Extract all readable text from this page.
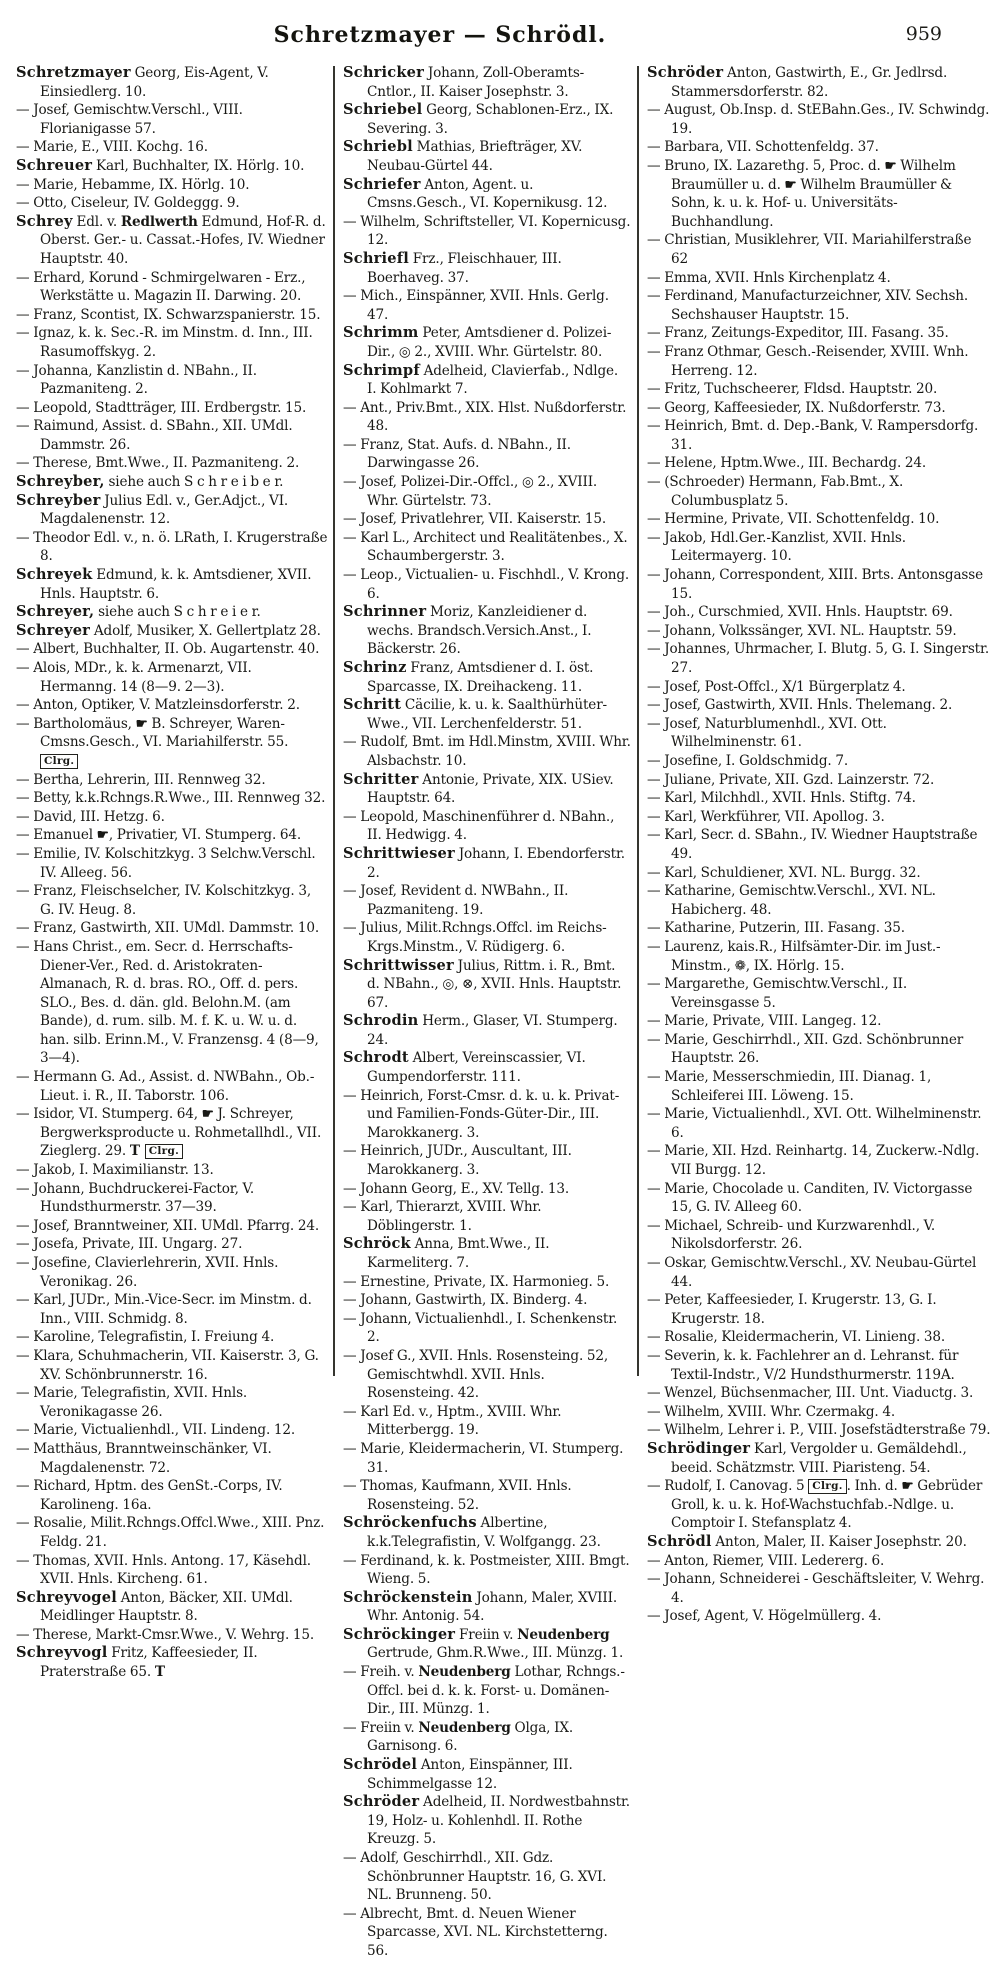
Schretzmayer — Schrödl.	959

Schretzmayer Georg, Eis-Agent, V. Einsiedlerg. 10.

— Josef, Gemischtw.Verschl., VIII. Florianigasse 57.

— Marie, E., VIII. Kochg. 16.

Schreuer Karl, Buchhalter, IX. Hörlg. 10.

— Marie, Hebamme, IX. Hörlg. 10.

— Otto, Ciseleur, IV. Goldeggg. 9.

Schrey Edl. v. Redlwerth Edmund, Hof-R. d. Oberst. Ger.- u. Cassat.-Hofes, IV. Wiedner Hauptstr. 40.

— Erhard, Korund - Schmirgelwaren - Erz., Werkstätte u. Magazin II. Darwing. 20.

— Franz, Scontist, IX. Schwarzspanierstr. 15.

— Ignaz, k. k. Sec.-R. im Minstm. d. Inn., III. Rasumoffskyg. 2.

— Johanna, Kanzlistin d. NBahn., II. Pazmaniteng. 2.

— Leopold, Stadtträger, III. Erdbergstr. 15.

— Raimund, Assist. d. SBahn., XII. UMdl. Dammstr. 26.

— Therese, Bmt.Wwe., II. Pazmaniteng. 2.

Schreyber, siehe auch S c h r e i b e r.

Schreyber Julius Edl. v., Ger.Adjct., VI. Magdalenenstr. 12.

— Theodor Edl. v., n. ö. LRath, I. Krugerstraße 8.

Schreyek Edmund, k. k. Amtsdiener, XVII. Hnls. Hauptstr. 6.

Schreyer, siehe auch S c h r e i e r.

Schreyer Adolf, Musiker, X. Gellertplatz 28.

— Albert, Buchhalter, II. Ob. Augartenstr. 40.

— Alois, MDr., k. k. Armenarzt, VII. Hermanng. 14 (8—9. 2—3).

— Anton, Optiker, V. Matzleinsdorferstr. 2.

— Bartholomäus, ☛ B. Schreyer, Waren-Cmsns.Gesch., VI. Mariahilferstr. 55. Clrg.

— Bertha, Lehrerin, III. Rennweg 32.

— Betty, k.k.Rchngs.R.Wwe., III. Rennweg 32.

— David, III. Hetzg. 6.

— Emanuel ☛, Privatier, VI. Stumperg. 64.

— Emilie, IV. Kolschitzkyg. 3 Selchw.Verschl. IV. Alleeg. 56.

— Franz, Fleischselcher, IV. Kolschitzkyg. 3, G. IV. Heug. 8.

— Franz, Gastwirth, XII. UMdl. Dammstr. 10.

— Hans Christ., em. Secr. d. Herrschafts-Diener-Ver., Red. d. Aristokraten-Almanach, R. d. bras. RO., Off. d. pers. SLO., Bes. d. dän. gld. Belohn.M. (am Bande), d. rum. silb. M. f. K. u. W. u. d. han. silb. Erinn.M., V. Franzensg. 4 (8—9, 3—4).

— Hermann G. Ad., Assist. d. NWBahn., Ob.-Lieut. i. R., II. Taborstr. 106.

— Isidor, VI. Stumperg. 64, ☛ J. Schreyer, Bergwerksproducte u. Rohmetallhdl., VII. Zieglerg. 29. T Clrg.

— Jakob, I. Maximilianstr. 13.

— Johann, Buchdruckerei-Factor, V. Hundsthurmerstr. 37—39.

— Josef, Branntweiner, XII. UMdl. Pfarrg. 24.

— Josefa, Private, III. Ungarg. 27.

— Josefine, Clavierlehrerin, XVII. Hnls. Veronikag. 26.

— Karl, JUDr., Min.-Vice-Secr. im Minstm. d. Inn., VIII. Schmidg. 8.

— Karoline, Telegrafistin, I. Freiung 4.

— Klara, Schuhmacherin, VII. Kaiserstr. 3, G. XV. Schönbrunnerstr. 16.

— Marie, Telegrafistin, XVII. Hnls. Veronikagasse 26.

— Marie, Victualienhdl., VII. Lindeng. 12.

— Matthäus, Branntweinschänker, VI. Magdalenenstr. 72.

— Richard, Hptm. des GenSt.-Corps, IV. Karolineng. 16a.

— Rosalie, Milit.Rchngs.Offcl.Wwe., XIII. Pnz. Feldg. 21.

— Thomas, XVII. Hnls. Antong. 17, Käsehdl. XVII. Hnls. Kircheng. 61.

Schreyvogel Anton, Bäcker, XII. UMdl. Meidlinger Hauptstr. 8.

— Therese, Markt-Cmsr.Wwe., V. Wehrg. 15.

Schreyvogl Fritz, Kaffeesieder, II. Praterstraße 65. T

Schricker Johann, Zoll-Oberamts-Cntlor., II. Kaiser Josephstr. 3.

Schriebel Georg, Schablonen-Erz., IX. Severing. 3.

Schriebl Mathias, Briefträger, XV. Neubau-Gürtel 44.

Schriefer Anton, Agent. u. Cmsns.Gesch., VI. Kopernikusg. 12.

— Wilhelm, Schriftsteller, VI. Kopernicusg. 12.

Schriefl Frz., Fleischhauer, III. Boerhaveg. 37.

— Mich., Einspänner, XVII. Hnls. Gerlg. 47.

Schrimm Peter, Amtsdiener d. Polizei-Dir., ◎ 2., XVIII. Whr. Gürtelstr. 80.

Schrimpf Adelheid, Clavierfab., Ndlge. I. Kohlmarkt 7.

— Ant., Priv.Bmt., XIX. Hlst. Nußdorferstr. 48.

— Franz, Stat. Aufs. d. NBahn., II. Darwingasse 26.

— Josef, Polizei-Dir.-Offcl., ◎ 2., XVIII. Whr. Gürtelstr. 73.

— Josef, Privatlehrer, VII. Kaiserstr. 15.

— Karl L., Architect und Realitätenbes., X. Schaumbergerstr. 3.

— Leop., Victualien- u. Fischhdl., V. Krong. 6.

Schrinner Moriz, Kanzleidiener d. wechs. Brandsch.Versich.Anst., I. Bäckerstr. 26.

Schrinz Franz, Amtsdiener d. I. öst. Sparcasse, IX. Dreihackeng. 11.

Schritt Cäcilie, k. u. k. Saalthürhüter-Wwe., VII. Lerchenfelderstr. 51.

— Rudolf, Bmt. im Hdl.Minstm, XVIII. Whr. Alsbachstr. 10.

Schritter Antonie, Private, XIX. USiev. Hauptstr. 64.

— Leopold, Maschinenführer d. NBahn., II. Hedwigg. 4.

Schrittwieser Johann, I. Ebendorferstr. 2.

— Josef, Revident d. NWBahn., II. Pazmaniteng. 19.

— Julius, Milit.Rchngs.Offcl. im Reichs-Krgs.Minstm., V. Rüdigerg. 6.

Schrittwisser Julius, Rittm. i. R., Bmt. d. NBahn., ◎, ⊗, XVII. Hnls. Hauptstr. 67.

Schrodin Herm., Glaser, VI. Stumperg. 24.

Schrodt Albert, Vereinscassier, VI. Gumpendorferstr. 111.

— Heinrich, Forst-Cmsr. d. k. u. k. Privat- und Familien-Fonds-Güter-Dir., III. Marokkanerg. 3.

— Heinrich, JUDr., Auscultant, III. Marokkanerg. 3.

— Johann Georg, E., XV. Tellg. 13.

— Karl, Thierarzt, XVIII. Whr. Döblingerstr. 1.

Schröck Anna, Bmt.Wwe., II. Karmeliterg. 7.

— Ernestine, Private, IX. Harmonieg. 5.

— Johann, Gastwirth, IX. Binderg. 4.

— Johann, Victualienhdl., I. Schenkenstr. 2.

— Josef G., XVII. Hnls. Rosensteing. 52, Gemischtwhdl. XVII. Hnls. Rosensteing. 42.

— Karl Ed. v., Hptm., XVIII. Whr. Mitterbergg. 19.

— Marie, Kleidermacherin, VI. Stumperg. 31.

— Thomas, Kaufmann, XVII. Hnls. Rosensteing. 52.

Schröckenfuchs Albertine, k.k.Telegrafistin, V. Wolfgangg. 23.

— Ferdinand, k. k. Postmeister, XIII. Bmgt. Wieng. 5.

Schröckenstein Johann, Maler, XVIII. Whr. Antonig. 54.

Schröckinger Freiin v. Neudenberg Gertrude, Ghm.R.Wwe., III. Münzg. 1.

— Freih. v. Neudenberg Lothar, Rchngs.-Offcl. bei d. k. k. Forst- u. Domänen-Dir., III. Münzg. 1.

— Freiin v. Neudenberg Olga, IX. Garnisong. 6.

Schrödel Anton, Einspänner, III. Schimmelgasse 12.

Schröder Adelheid, II. Nordwestbahnstr. 19, Holz- u. Kohlenhdl. II. Rothe Kreuzg. 5.

— Adolf, Geschirrhdl., XII. Gdz. Schönbrunner Hauptstr. 16, G. XVI. NL. Brunneng. 50.

— Albrecht, Bmt. d. Neuen Wiener Sparcasse, XVI. NL. Kirchstetterng. 56.

Schröder Anton, Gastwirth, E., Gr. Jedlrsd. Stammersdorferstr. 82.

— August, Ob.Insp. d. StEBahn.Ges., IV. Schwindg. 19.

— Barbara, VII. Schottenfeldg. 37.

— Bruno, IX. Lazarethg. 5, Proc. d. ☛ Wilhelm Braumüller u. d. ☛ Wilhelm Braumüller & Sohn, k. u. k. Hof- u. Universitäts-Buchhandlung.

— Christian, Musiklehrer, VII. Mariahilferstraße 62

— Emma, XVII. Hnls Kirchenplatz 4.

— Ferdinand, Manufacturzeichner, XIV. Sechsh. Sechshauser Hauptstr. 15.

— Franz, Zeitungs-Expeditor, III. Fasang. 35.

— Franz Othmar, Gesch.-Reisender, XVIII. Wnh. Herreng. 12.

— Fritz, Tuchscheerer, Fldsd. Hauptstr. 20.

— Georg, Kaffeesieder, IX. Nußdorferstr. 73.

— Heinrich, Bmt. d. Dep.-Bank, V. Rampersdorfg. 31.

— Helene, Hptm.Wwe., III. Bechardg. 24.

— (Schroeder) Hermann, Fab.Bmt., X. Columbusplatz 5.

— Hermine, Private, VII. Schottenfeldg. 10.

— Jakob, Hdl.Ger.-Kanzlist, XVII. Hnls. Leitermayerg. 10.

— Johann, Correspondent, XIII. Brts. Antonsgasse 15.

— Joh., Curschmied, XVII. Hnls. Hauptstr. 69.

— Johann, Volkssänger, XVI. NL. Hauptstr. 59.

— Johannes, Uhrmacher, I. Blutg. 5, G. I. Singerstr. 27.

— Josef, Post-Offcl., X/1 Bürgerplatz 4.

— Josef, Gastwirth, XVII. Hnls. Thelemang. 2.

— Josef, Naturblumenhdl., XVI. Ott. Wilhelminenstr. 61.

— Josefine, I. Goldschmidg. 7.

— Juliane, Private, XII. Gzd. Lainzerstr. 72.

— Karl, Milchhdl., XVII. Hnls. Stiftg. 74.

— Karl, Werkführer, VII. Apollog. 3.

— Karl, Secr. d. SBahn., IV. Wiedner Hauptstraße 49.

— Karl, Schuldiener, XVI. NL. Burgg. 32.

— Katharine, Gemischtw.Verschl., XVI. NL. Habicherg. 48.

— Katharine, Putzerin, III. Fasang. 35.

— Laurenz, kais.R., Hilfsämter-Dir. im Just.-Minstm., ❁, IX. Hörlg. 15.

— Margarethe, Gemischtw.Verschl., II. Vereinsgasse 5.

— Marie, Private, VIII. Langeg. 12.

— Marie, Geschirrhdl., XII. Gzd. Schönbrunner Hauptstr. 26.

— Marie, Messerschmiedin, III. Dianag. 1, Schleiferei III. Löweng. 15.

— Marie, Victualienhdl., XVI. Ott. Wilhelminenstr. 6.

— Marie, XII. Hzd. Reinhartg. 14, Zuckerw.-Ndlg. VII Burgg. 12.

— Marie, Chocolade u. Canditen, IV. Victorgasse 15, G. IV. Alleeg 60.

— Michael, Schreib- und Kurzwarenhdl., V. Nikolsdorferstr. 26.

— Oskar, Gemischtw.Verschl., XV. Neubau-Gürtel 44.

— Peter, Kaffeesieder, I. Krugerstr. 13, G. I. Krugerstr. 18.

— Rosalie, Kleidermacherin, VI. Linieng. 38.

— Severin, k. k. Fachlehrer an d. Lehranst. für Textil-Indstr., V/2 Hundsthurmerstr. 119A.

— Wenzel, Büchsenmacher, III. Unt. Viaductg. 3.

— Wilhelm, XVIII. Whr. Czermakg. 4.

— Wilhelm, Lehrer i. P., VIII. Josefstädterstraße 79.

Schrödinger Karl, Vergolder u. Gemäldehdl., beeid. Schätzmstr. VIII. Piaristeng. 54.

— Rudolf, I. Canovag. 5 Clrg. . Inh. d. ☛ Gebrüder Groll, k. u. k. Hof-Wachstuchfab.-Ndlge. u. Comptoir I. Stefansplatz 4.

Schrödl Anton, Maler, II. Kaiser Josephstr. 20.

— Anton, Riemer, VIII. Ledererg. 6.

— Johann, Schneiderei - Geschäftsleiter, V. Wehrg. 4.

— Josef, Agent, V. Högelmüllerg. 4.
